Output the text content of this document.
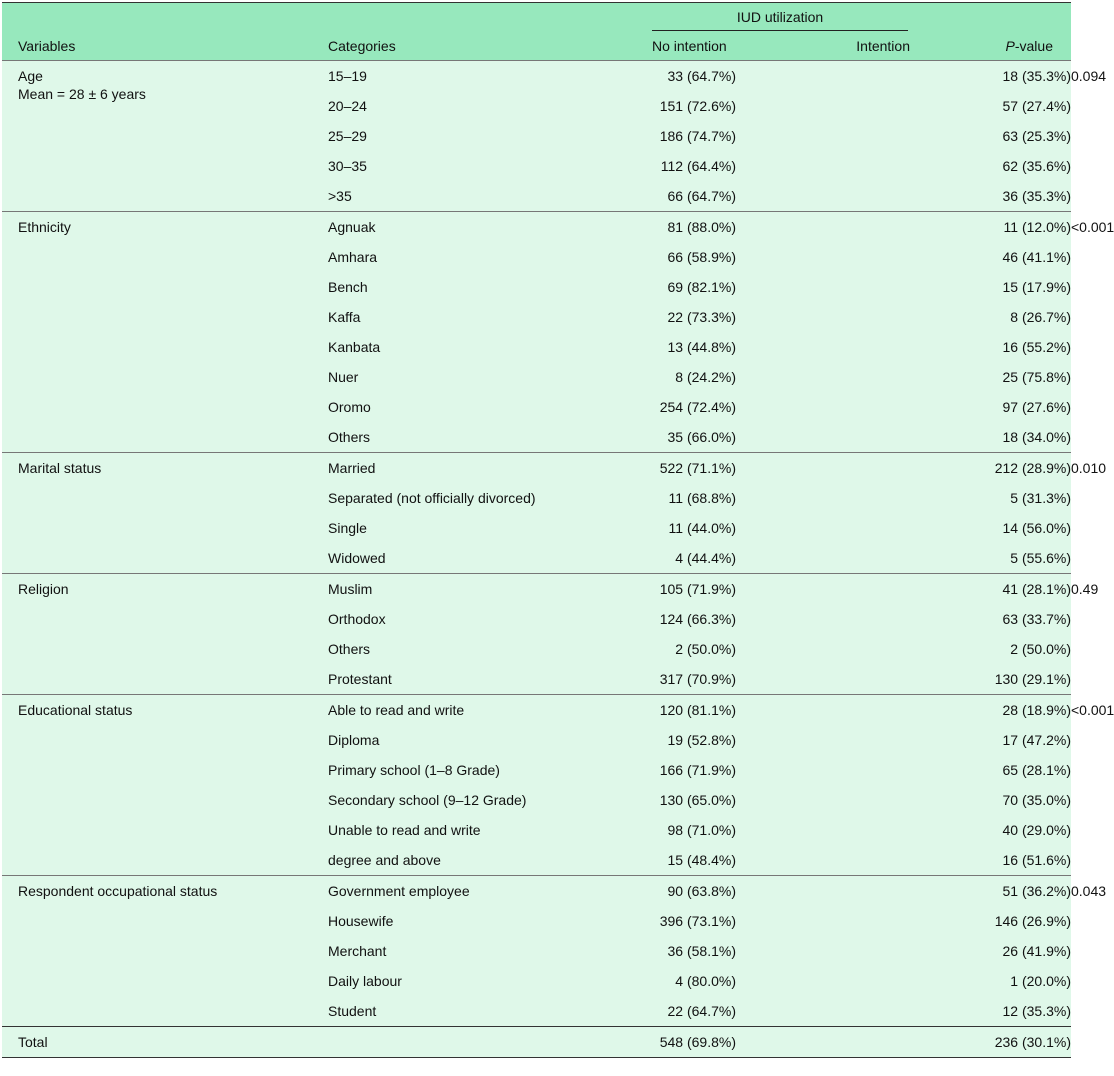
		IUD utilization			

Variables	Categories	No intention	Intention	P-value	

Age
Mean = 28 ± 6 years	15–19	33 (64.7%)		18 (35.3%)	0.094
	20–24	151 (72.6%)		57 (27.4%)	
	25–29	186 (74.7%)		63 (25.3%)	
	30–35	112 (64.4%)		62 (35.6%)	
	>35	66 (64.7%)		36 (35.3%)	

Ethnicity	Agnuak	81 (88.0%)		11 (12.0%)	<0.001
	Amhara	66 (58.9%)		46 (41.1%)	
	Bench	69 (82.1%)		15 (17.9%)	
	Kaffa	22 (73.3%)		8 (26.7%)	
	Kanbata	13 (44.8%)		16 (55.2%)	
	Nuer	8 (24.2%)		25 (75.8%)	
	Oromo	254 (72.4%)		97 (27.6%)	
	Others	35 (66.0%)		18 (34.0%)	

Marital status	Married	522 (71.1%)		212 (28.9%)	0.010
	Separated (not officially divorced)	11 (68.8%)		5 (31.3%)	
	Single	11 (44.0%)		14 (56.0%)	
	Widowed	4 (44.4%)		5 (55.6%)	

Religion	Muslim	105 (71.9%)		41 (28.1%)	0.49
	Orthodox	124 (66.3%)		63 (33.7%)	
	Others	2 (50.0%)		2 (50.0%)	
	Protestant	317 (70.9%)		130 (29.1%)	

Educational status	Able to read and write	120 (81.1%)		28 (18.9%)	<0.001
	Diploma	19 (52.8%)		17 (47.2%)	
	Primary school (1–8 Grade)	166 (71.9%)		65 (28.1%)	
	Secondary school (9–12 Grade)	130 (65.0%)		70 (35.0%)	
	Unable to read and write	98 (71.0%)		40 (29.0%)	
	degree and above	15 (48.4%)		16 (51.6%)	

Respondent occupational status	Government employee	90 (63.8%)		51 (36.2%)	0.043
	Housewife	396 (73.1%)		146 (26.9%)	
	Merchant	36 (58.1%)		26 (41.9%)	
	Daily labour	4 (80.0%)		1 (20.0%)	
	Student	22 (64.7%)		12 (35.3%)	
Total		548 (69.8%)		236 (30.1%)	
